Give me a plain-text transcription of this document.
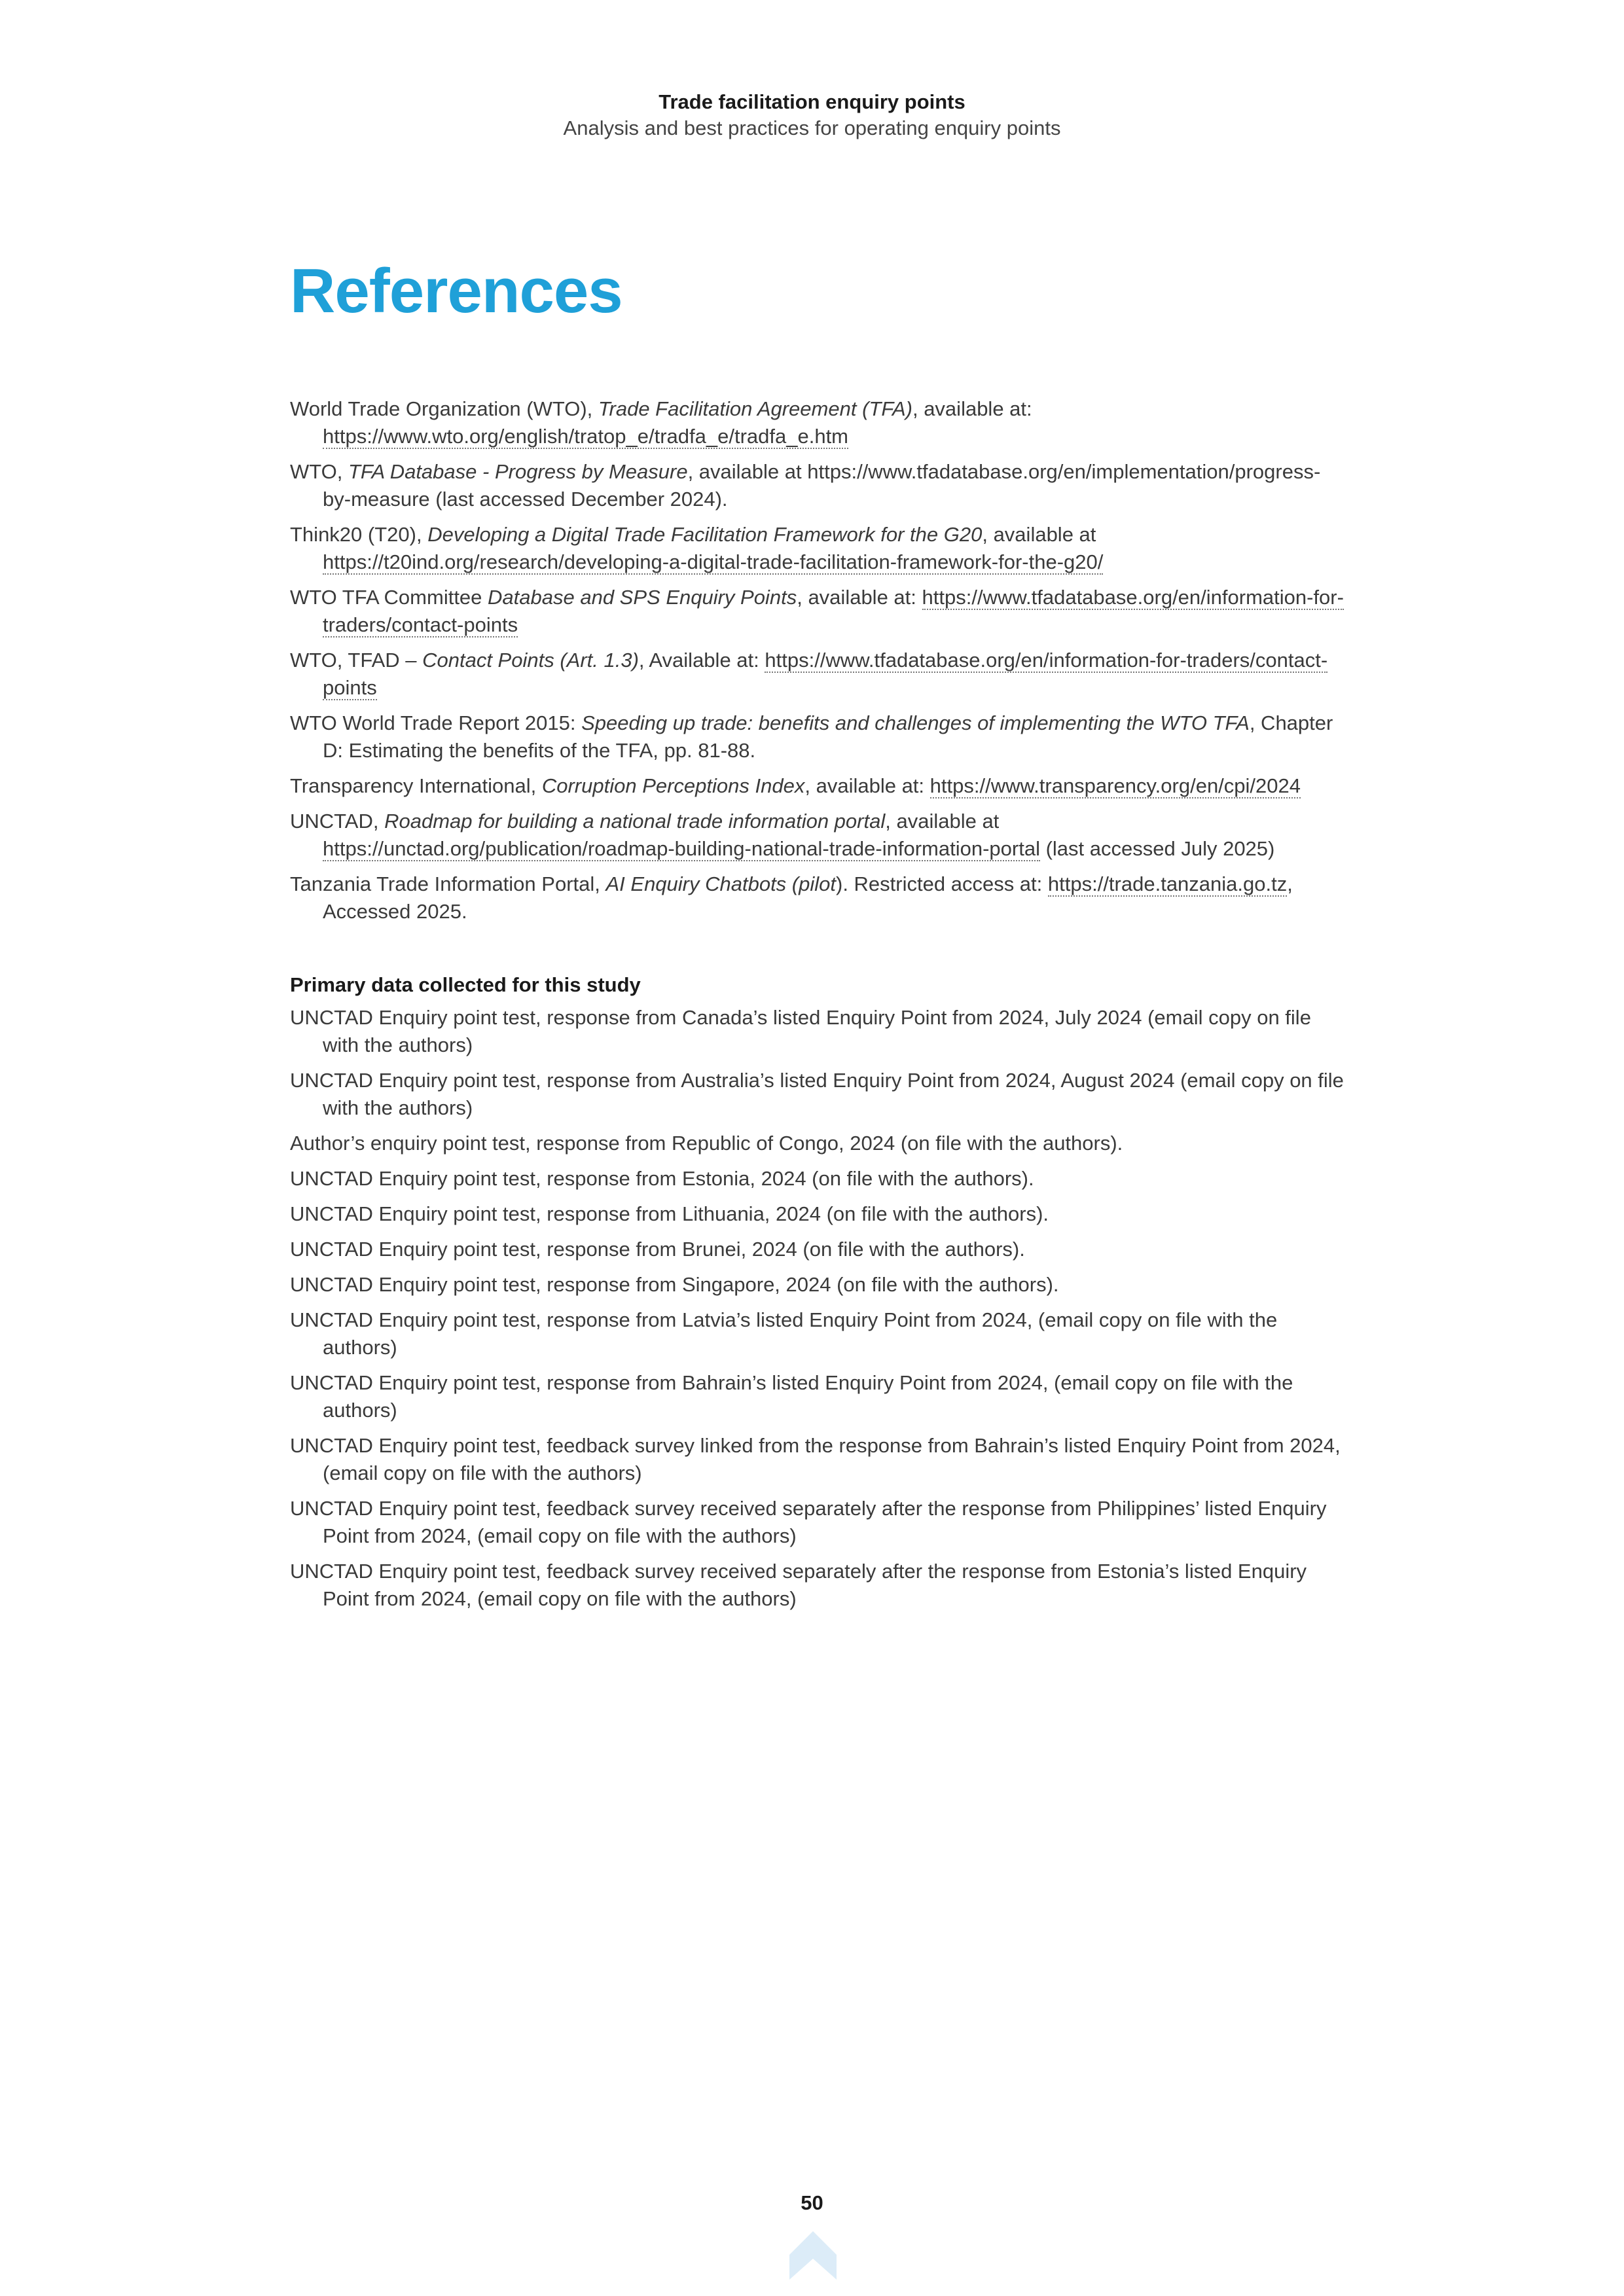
Trade facilitation enquiry points
Analysis and best practices for operating enquiry points
References

World Trade Organization (WTO), Trade Facilitation Agreement (TFA), available at: https://www.wto.org/english/tratop_e/tradfa_e/tradfa_e.htm

WTO, TFA Database - Progress by Measure, available at https://www.tfadatabase.org/en/implementation/progress-by-measure (last accessed December 2024).

Think20 (T20), Developing a Digital Trade Facilitation Framework for the G20, available at https://t20ind.org/research/developing-a-digital-trade-facilitation-framework-for-the-g20/

WTO TFA Committee Database and SPS Enquiry Points, available at: https://www.tfadatabase.org/en/information-for-traders/contact-points

WTO, TFAD – Contact Points (Art. 1.3), Available at: https://www.tfadatabase.org/en/information-for-traders/contact-points

WTO World Trade Report 2015: Speeding up trade: benefits and challenges of implementing the WTO TFA, Chapter D: Estimating the benefits of the TFA, pp. 81-88.

Transparency International, Corruption Perceptions Index, available at: https://www.transparency.org/en/cpi/2024

UNCTAD, Roadmap for building a national trade information portal, available at https://unctad.org/publication/roadmap-building-national-trade-information-portal (last accessed July 2025)

Tanzania Trade Information Portal, AI Enquiry Chatbots (pilot). Restricted access at: https://trade.tanzania.go.tz, Accessed 2025.

Primary data collected for this study

UNCTAD Enquiry point test, response from Canada’s listed Enquiry Point from 2024, July 2024 (email copy on file with the authors)

UNCTAD Enquiry point test, response from Australia’s listed Enquiry Point from 2024, August 2024 (email copy on file with the authors)

Author’s enquiry point test, response from Republic of Congo, 2024 (on file with the authors).

UNCTAD Enquiry point test, response from Estonia, 2024 (on file with the authors).

UNCTAD Enquiry point test, response from Lithuania, 2024 (on file with the authors).

UNCTAD Enquiry point test, response from Brunei, 2024 (on file with the authors).

UNCTAD Enquiry point test, response from Singapore, 2024 (on file with the authors).

UNCTAD Enquiry point test, response from Latvia’s listed Enquiry Point from 2024, (email copy on file with the authors)

UNCTAD Enquiry point test, response from Bahrain’s listed Enquiry Point from 2024, (email copy on file with the authors)

UNCTAD Enquiry point test, feedback survey linked from the response from Bahrain’s listed Enquiry Point from 2024, (email copy on file with the authors)

UNCTAD Enquiry point test, feedback survey received separately after the response from Philippines’ listed Enquiry Point from 2024, (email copy on file with the authors)

UNCTAD Enquiry point test, feedback survey received separately after the response from Estonia’s listed Enquiry Point from 2024, (email copy on file with the authors)

50
